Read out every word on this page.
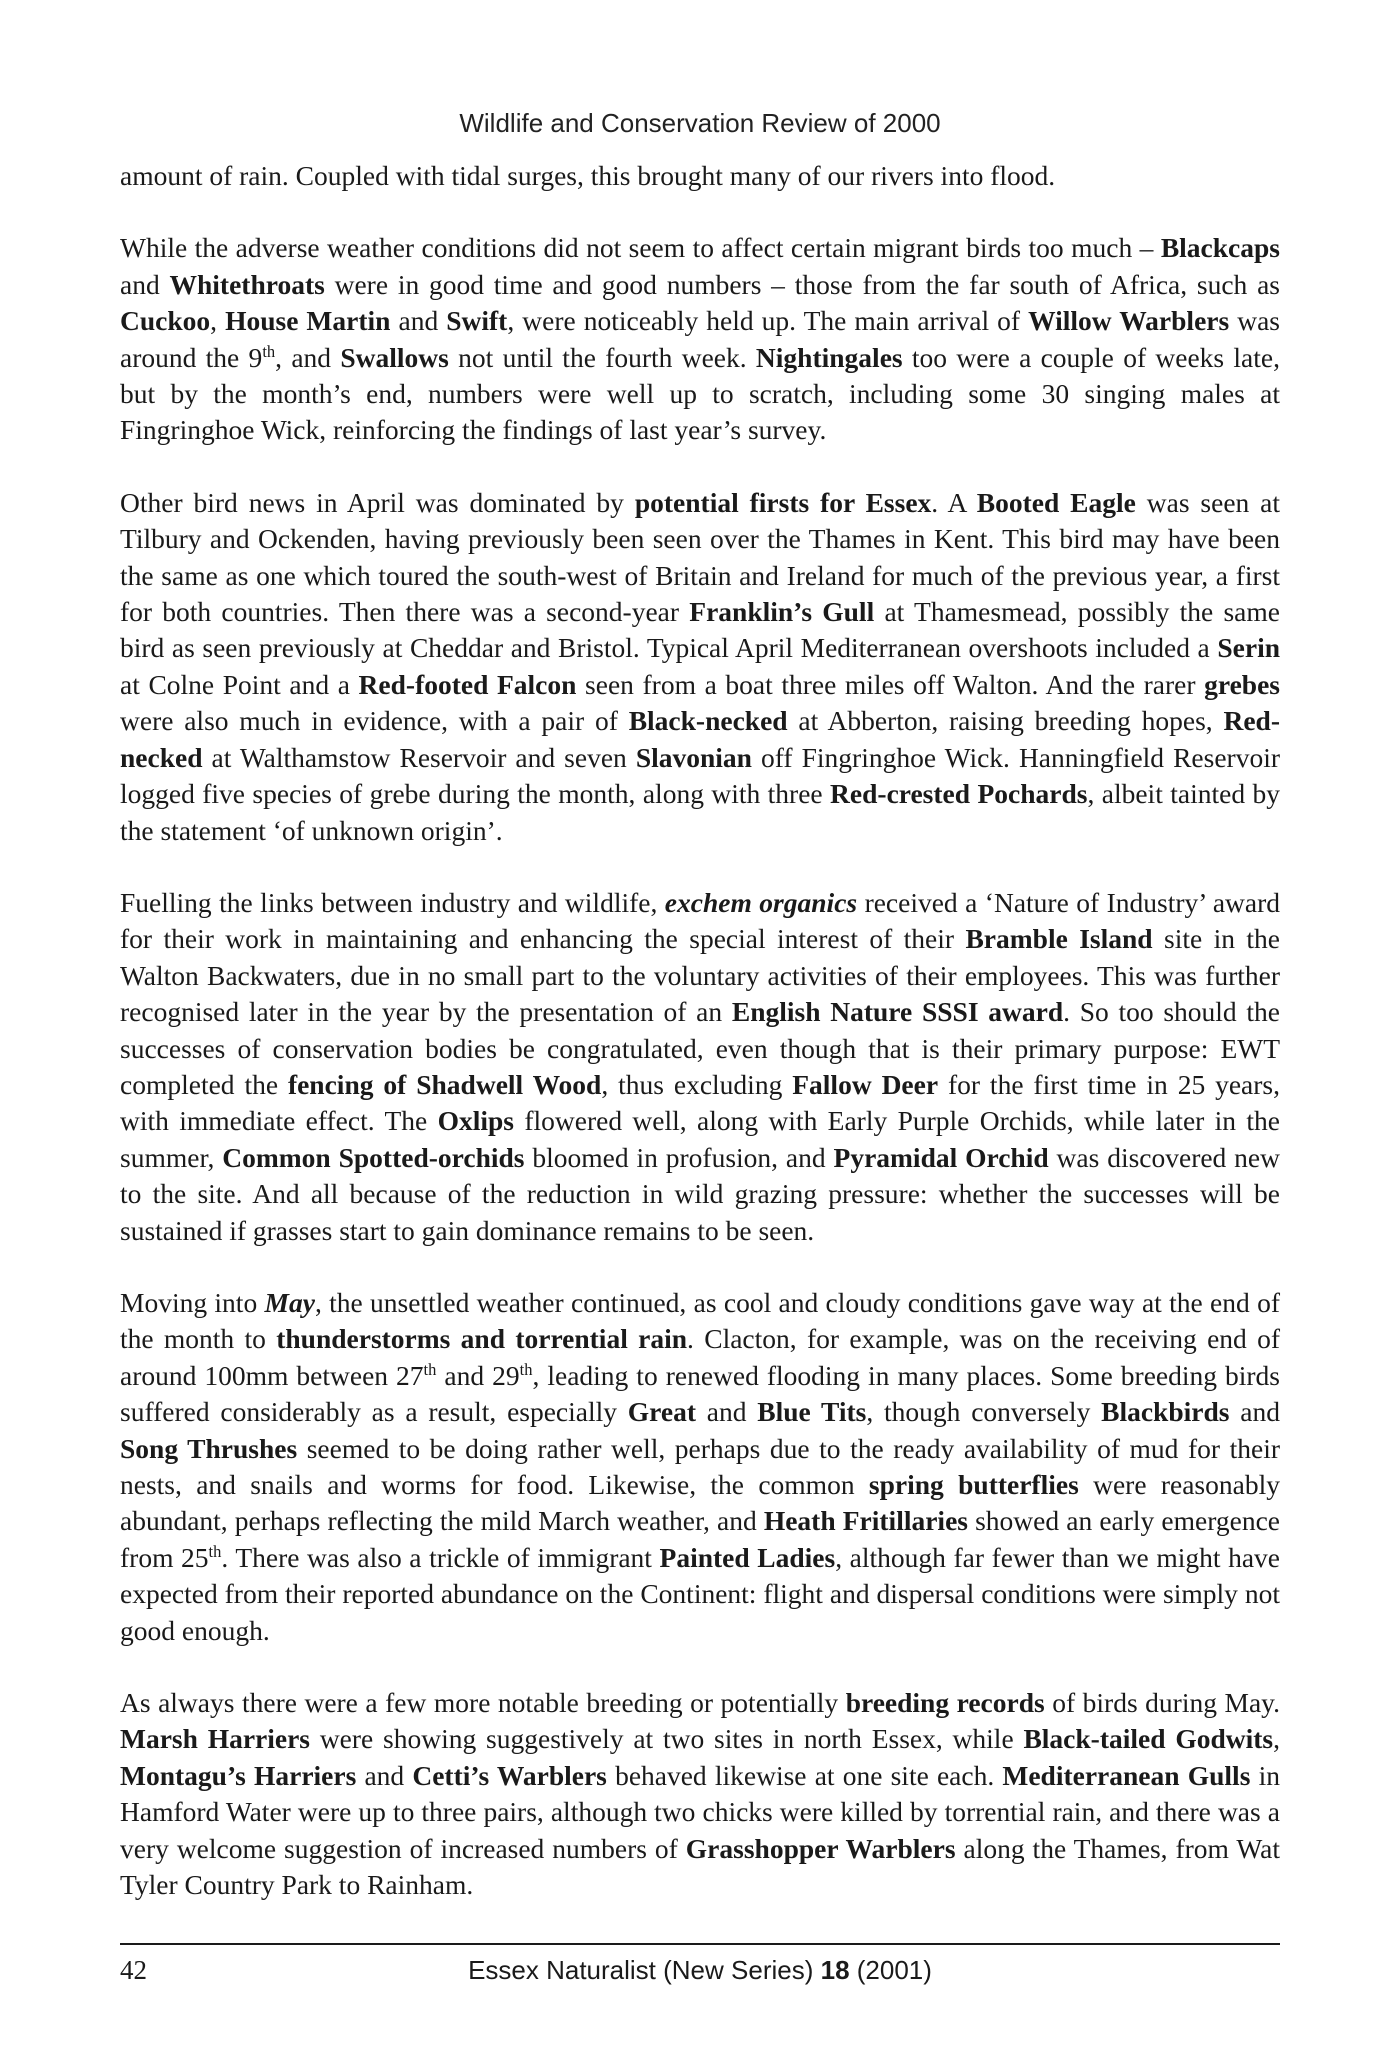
Wildlife and Conservation Review of 2000

amount of rain. Coupled with tidal surges, this brought many of our rivers into flood.

While the adverse weather conditions did not seem to affect certain migrant birds too much – Blackcaps and Whitethroats were in good time and good numbers – those from the far south of Africa, such as Cuckoo, House Martin and Swift, were noticeably held up. The main arrival of Willow Warblers was around the 9th, and Swallows not until the fourth week. Nightingales too were a couple of weeks late, but by the month’s end, numbers were well up to scratch, including some 30 singing males at Fingringhoe Wick, reinforcing the findings of last year’s survey.

Other bird news in April was dominated by potential firsts for Essex. A Booted Eagle was seen at Tilbury and Ockenden, having previously been seen over the Thames in Kent. This bird may have been the same as one which toured the south-west of Britain and Ireland for much of the previous year, a first for both countries. Then there was a second-year Franklin’s Gull at Thamesmead, possibly the same bird as seen previously at Cheddar and Bristol. Typical April Mediterranean overshoots included a Serin at Colne Point and a Red-footed Falcon seen from a boat three miles off Walton. And the rarer grebes were also much in evidence, with a pair of Black-necked at Abberton, raising breeding hopes, Red-necked at Walthamstow Reservoir and seven Slavonian off Fingringhoe Wick. Hanningfield Reservoir logged five species of grebe during the month, along with three Red-crested Pochards, albeit tainted by the statement ‘of unknown origin’.

Fuelling the links between industry and wildlife, exchem organics received a ‘Nature of Industry’ award for their work in maintaining and enhancing the special interest of their Bramble Island site in the Walton Backwaters, due in no small part to the voluntary activities of their employees. This was further recognised later in the year by the presentation of an English Nature SSSI award. So too should the successes of conservation bodies be congratulated, even though that is their primary purpose: EWT completed the fencing of Shadwell Wood, thus excluding Fallow Deer for the first time in 25 years, with immediate effect. The Oxlips flowered well, along with Early Purple Orchids, while later in the summer, Common Spotted-orchids bloomed in profusion, and Pyramidal Orchid was discovered new to the site. And all because of the reduction in wild grazing pressure: whether the successes will be sustained if grasses start to gain dominance remains to be seen.

Moving into May, the unsettled weather continued, as cool and cloudy conditions gave way at the end of the month to thunderstorms and torrential rain. Clacton, for example, was on the receiving end of around 100mm between 27th and 29th, leading to renewed flooding in many places. Some breeding birds suffered considerably as a result, especially Great and Blue Tits, though conversely Blackbirds and Song Thrushes seemed to be doing rather well, perhaps due to the ready availability of mud for their nests, and snails and worms for food. Likewise, the common spring butterflies were reasonably abundant, perhaps reflecting the mild March weather, and Heath Fritillaries showed an early emergence from 25th. There was also a trickle of immigrant Painted Ladies, although far fewer than we might have expected from their reported abundance on the Continent: flight and dispersal conditions were simply not good enough.

As always there were a few more notable breeding or potentially breeding records of birds during May. Marsh Harriers were showing suggestively at two sites in north Essex, while Black-tailed Godwits, Montagu’s Harriers and Cetti’s Warblers behaved likewise at one site each. Mediterranean Gulls in Hamford Water were up to three pairs, although two chicks were killed by torrential rain, and there was a very welcome suggestion of increased numbers of Grasshopper Warblers along the Thames, from Wat Tyler Country Park to Rainham.

42	Essex Naturalist (New Series) 18 (2001)
